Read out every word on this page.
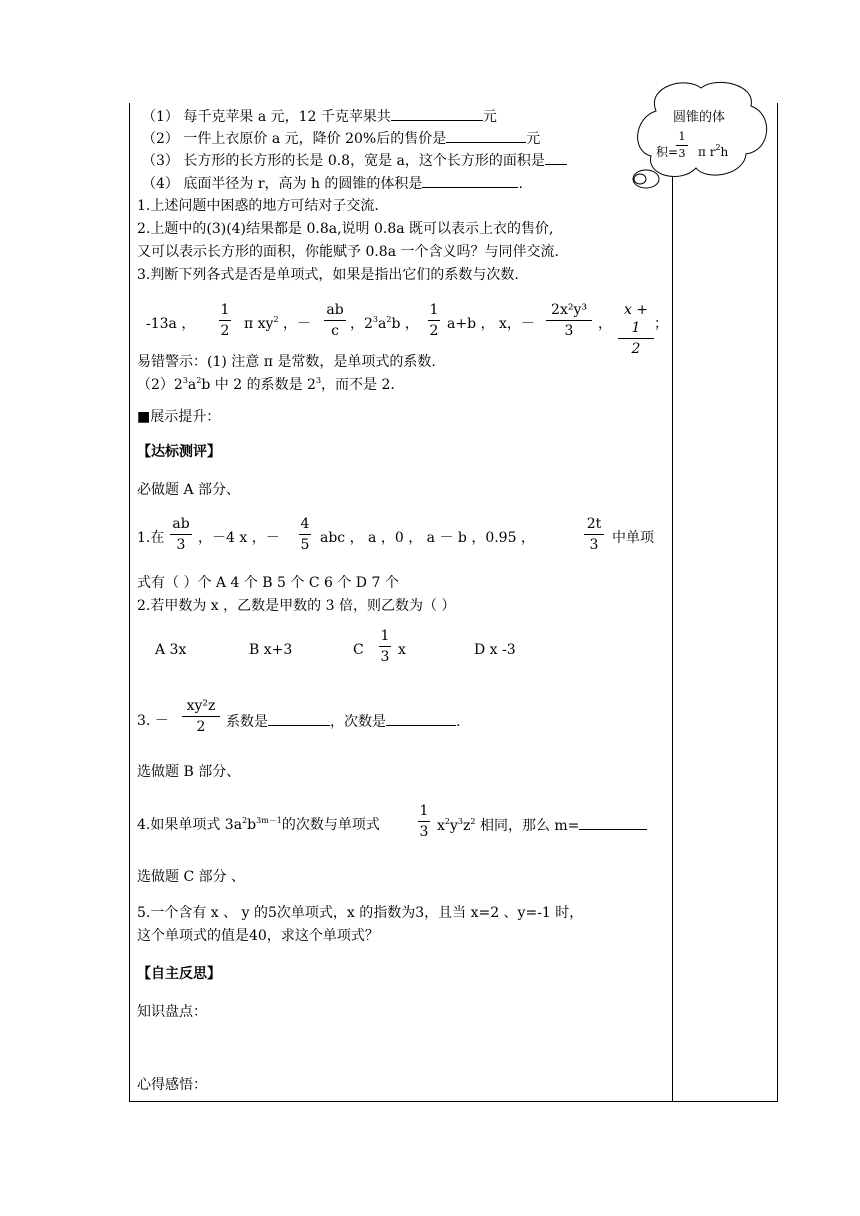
（1） 每千克苹果 a 元，12 千克苹果共	元
（2） 一件上衣原价 a 元，降价 20%后的售价是	元
（3） 长方形的长方形的长是 0.8，宽是 a，这个长方形的面积是
（4） 底面半径为 r，高为 h 的圆锥的体积是	.
圆锥的体
积=
1
3 π $r^2h$
1.上述问题中困惑的地方可结对子交流.
2.上题中的(3)(4)结果都是 0.8a,说明 0.8a 既可以表示上衣的售价,
又可以表示长方形的面积，你能赋予 0.8a 一个含义吗？与同伴交流.
3.判断下列各式是否是单项式，如果是指出它们的系数与次数.
-13a ，
1
2 π $xy^2$ ，－
ab
c ，$2^3a^2b$ ，
1
2 a+b ， x，－
2x²y³
3	，
x + 1
2
；
易错警示：(1) 注意 π 是常数，是单项式的系数.
$(2)2^3a^2b$ 中 2 的系数是 $2^3$，而不是 2.
■展示提升：
【达标测评】
必做题 A 部分、
1.在
ab
3 ，－4 x ，－
4
5 abc ， a ，0 ， a － b ，0.95 ，
2t
3 中单项
式有（ ）个 A 4 个 B 5 个 C 6 个 D 7 个
2.若甲数为 x ，乙数是甲数的 3 倍，则乙数为（ ）
A 3x	B x+3	C
1
3 x	D x -3
3. －
xy²z
2	系数是	，次数是	.
选做题 B 部分、
4.如果单项式 $3a^2b^{3m-1}$的次数与单项式
1
3 $x^2y^3z^2$ 相同，那么 m=
选做题 C 部分 、
5.一个含有 x 、 y 的5次单项式，x 的指数为3，且当 x=2 、y=-1 时，
这个单项式的值是40，求这个单项式？
【自主反思】
知识盘点：
心得感悟：
